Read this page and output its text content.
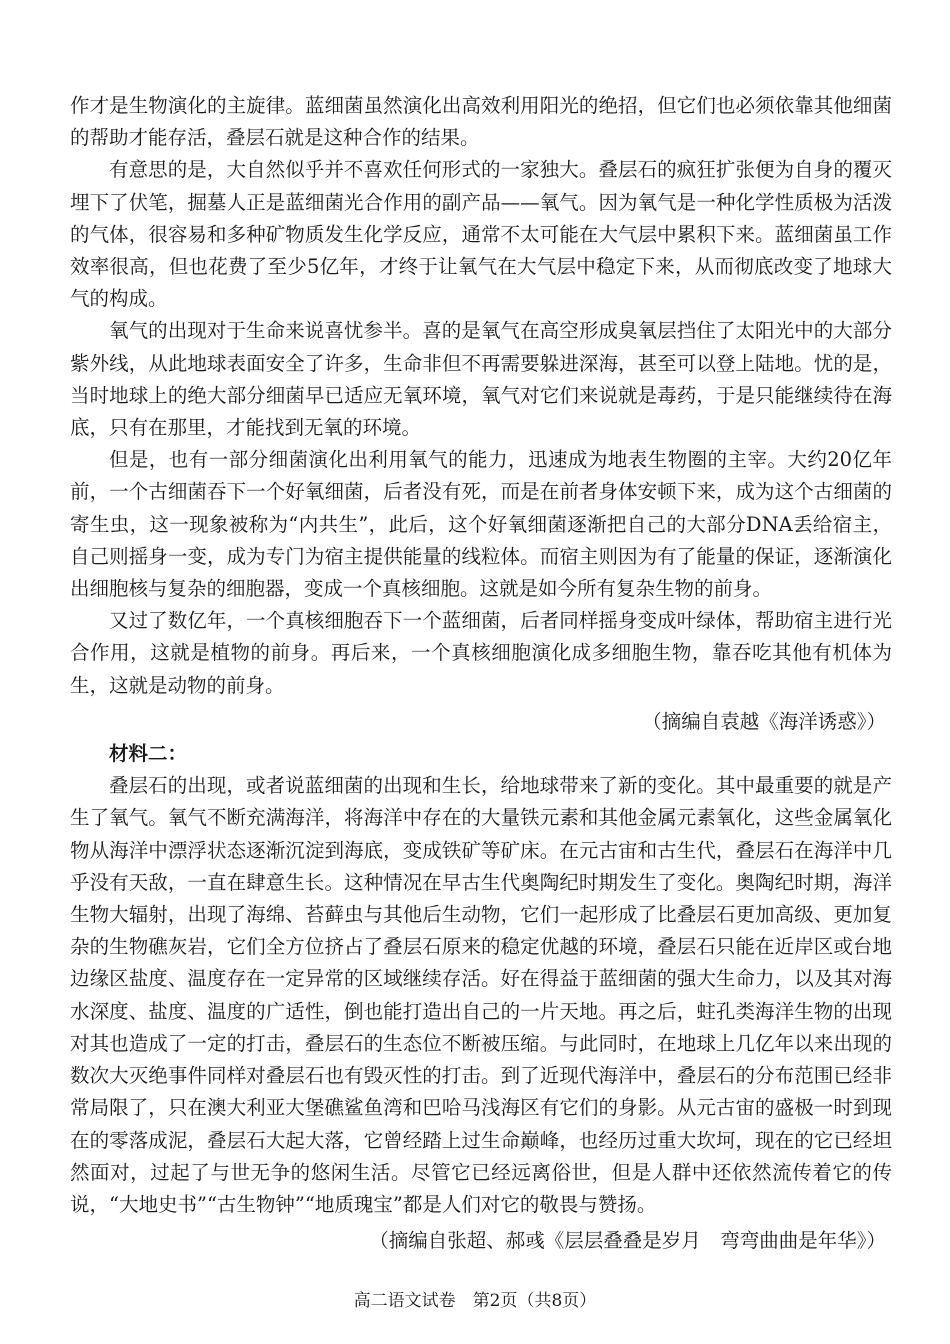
作才是生物演化的主旋律。蓝细菌虽然演化出高效利用阳光的绝招，但它们也必须依靠其他细菌的帮助才能存活，叠层石就是这种合作的结果。

有意思的是，大自然似乎并不喜欢任何形式的一家独大。叠层石的疯狂扩张便为自身的覆灭埋下了伏笔，掘墓人正是蓝细菌光合作用的副产品——氧气。因为氧气是一种化学性质极为活泼的气体，很容易和多种矿物质发生化学反应，通常不太可能在大气层中累积下来。蓝细菌虽工作效率很高，但也花费了至少5亿年，才终于让氧气在大气层中稳定下来，从而彻底改变了地球大气的构成。

氧气的出现对于生命来说喜忧参半。喜的是氧气在高空形成臭氧层挡住了太阳光中的大部分紫外线，从此地球表面安全了许多，生命非但不再需要躲进深海，甚至可以登上陆地。忧的是，当时地球上的绝大部分细菌早已适应无氧环境，氧气对它们来说就是毒药，于是只能继续待在海底，只有在那里，才能找到无氧的环境。

但是，也有一部分细菌演化出利用氧气的能力，迅速成为地表生物圈的主宰。大约20亿年前，一个古细菌吞下一个好氧细菌，后者没有死，而是在前者身体安顿下来，成为这个古细菌的寄生虫，这一现象被称为“内共生”，此后，这个好氧细菌逐渐把自己的大部分DNA丢给宿主，自己则摇身一变，成为专门为宿主提供能量的线粒体。而宿主则因为有了能量的保证，逐渐演化出细胞核与复杂的细胞器，变成一个真核细胞。这就是如今所有复杂生物的前身。

又过了数亿年，一个真核细胞吞下一个蓝细菌，后者同样摇身变成叶绿体，帮助宿主进行光合作用，这就是植物的前身。再后来，一个真核细胞演化成多细胞生物，靠吞吃其他有机体为生，这就是动物的前身。

（摘编自袁越《海洋诱惑》）

材料二：

叠层石的出现，或者说蓝细菌的出现和生长，给地球带来了新的变化。其中最重要的就是产生了氧气。氧气不断充满海洋，将海洋中存在的大量铁元素和其他金属元素氧化，这些金属氧化物从海洋中漂浮状态逐渐沉淀到海底，变成铁矿等矿床。在元古宙和古生代，叠层石在海洋中几乎没有天敌，一直在肆意生长。这种情况在早古生代奥陶纪时期发生了变化。奥陶纪时期，海洋生物大辐射，出现了海绵、苔藓虫与其他后生动物，它们一起形成了比叠层石更加高级、更加复杂的生物礁灰岩，它们全方位挤占了叠层石原来的稳定优越的环境，叠层石只能在近岸区或台地边缘区盐度、温度存在一定异常的区域继续存活。好在得益于蓝细菌的强大生命力，以及其对海水深度、盐度、温度的广适性，倒也能打造出自己的一片天地。再之后，蛀孔类海洋生物的出现对其也造成了一定的打击，叠层石的生态位不断被压缩。与此同时，在地球上几亿年以来出现的数次大灭绝事件同样对叠层石也有毁灭性的打击。到了近现代海洋中，叠层石的分布范围已经非常局限了，只在澳大利亚大堡礁鲨鱼湾和巴哈马浅海区有它们的身影。从元古宙的盛极一时到现在的零落成泥，叠层石大起大落，它曾经踏上过生命巅峰，也经历过重大坎坷，现在的它已经坦然面对，过起了与世无争的悠闲生活。尽管它已经远离俗世，但是人群中还依然流传着它的传说，“大地史书”“古生物钟”“地质瑰宝”都是人们对它的敬畏与赞扬。

（摘编自张超、郝彧《层层叠叠是岁月　弯弯曲曲是年华》）

高二语文试卷　第2页（共8页）
